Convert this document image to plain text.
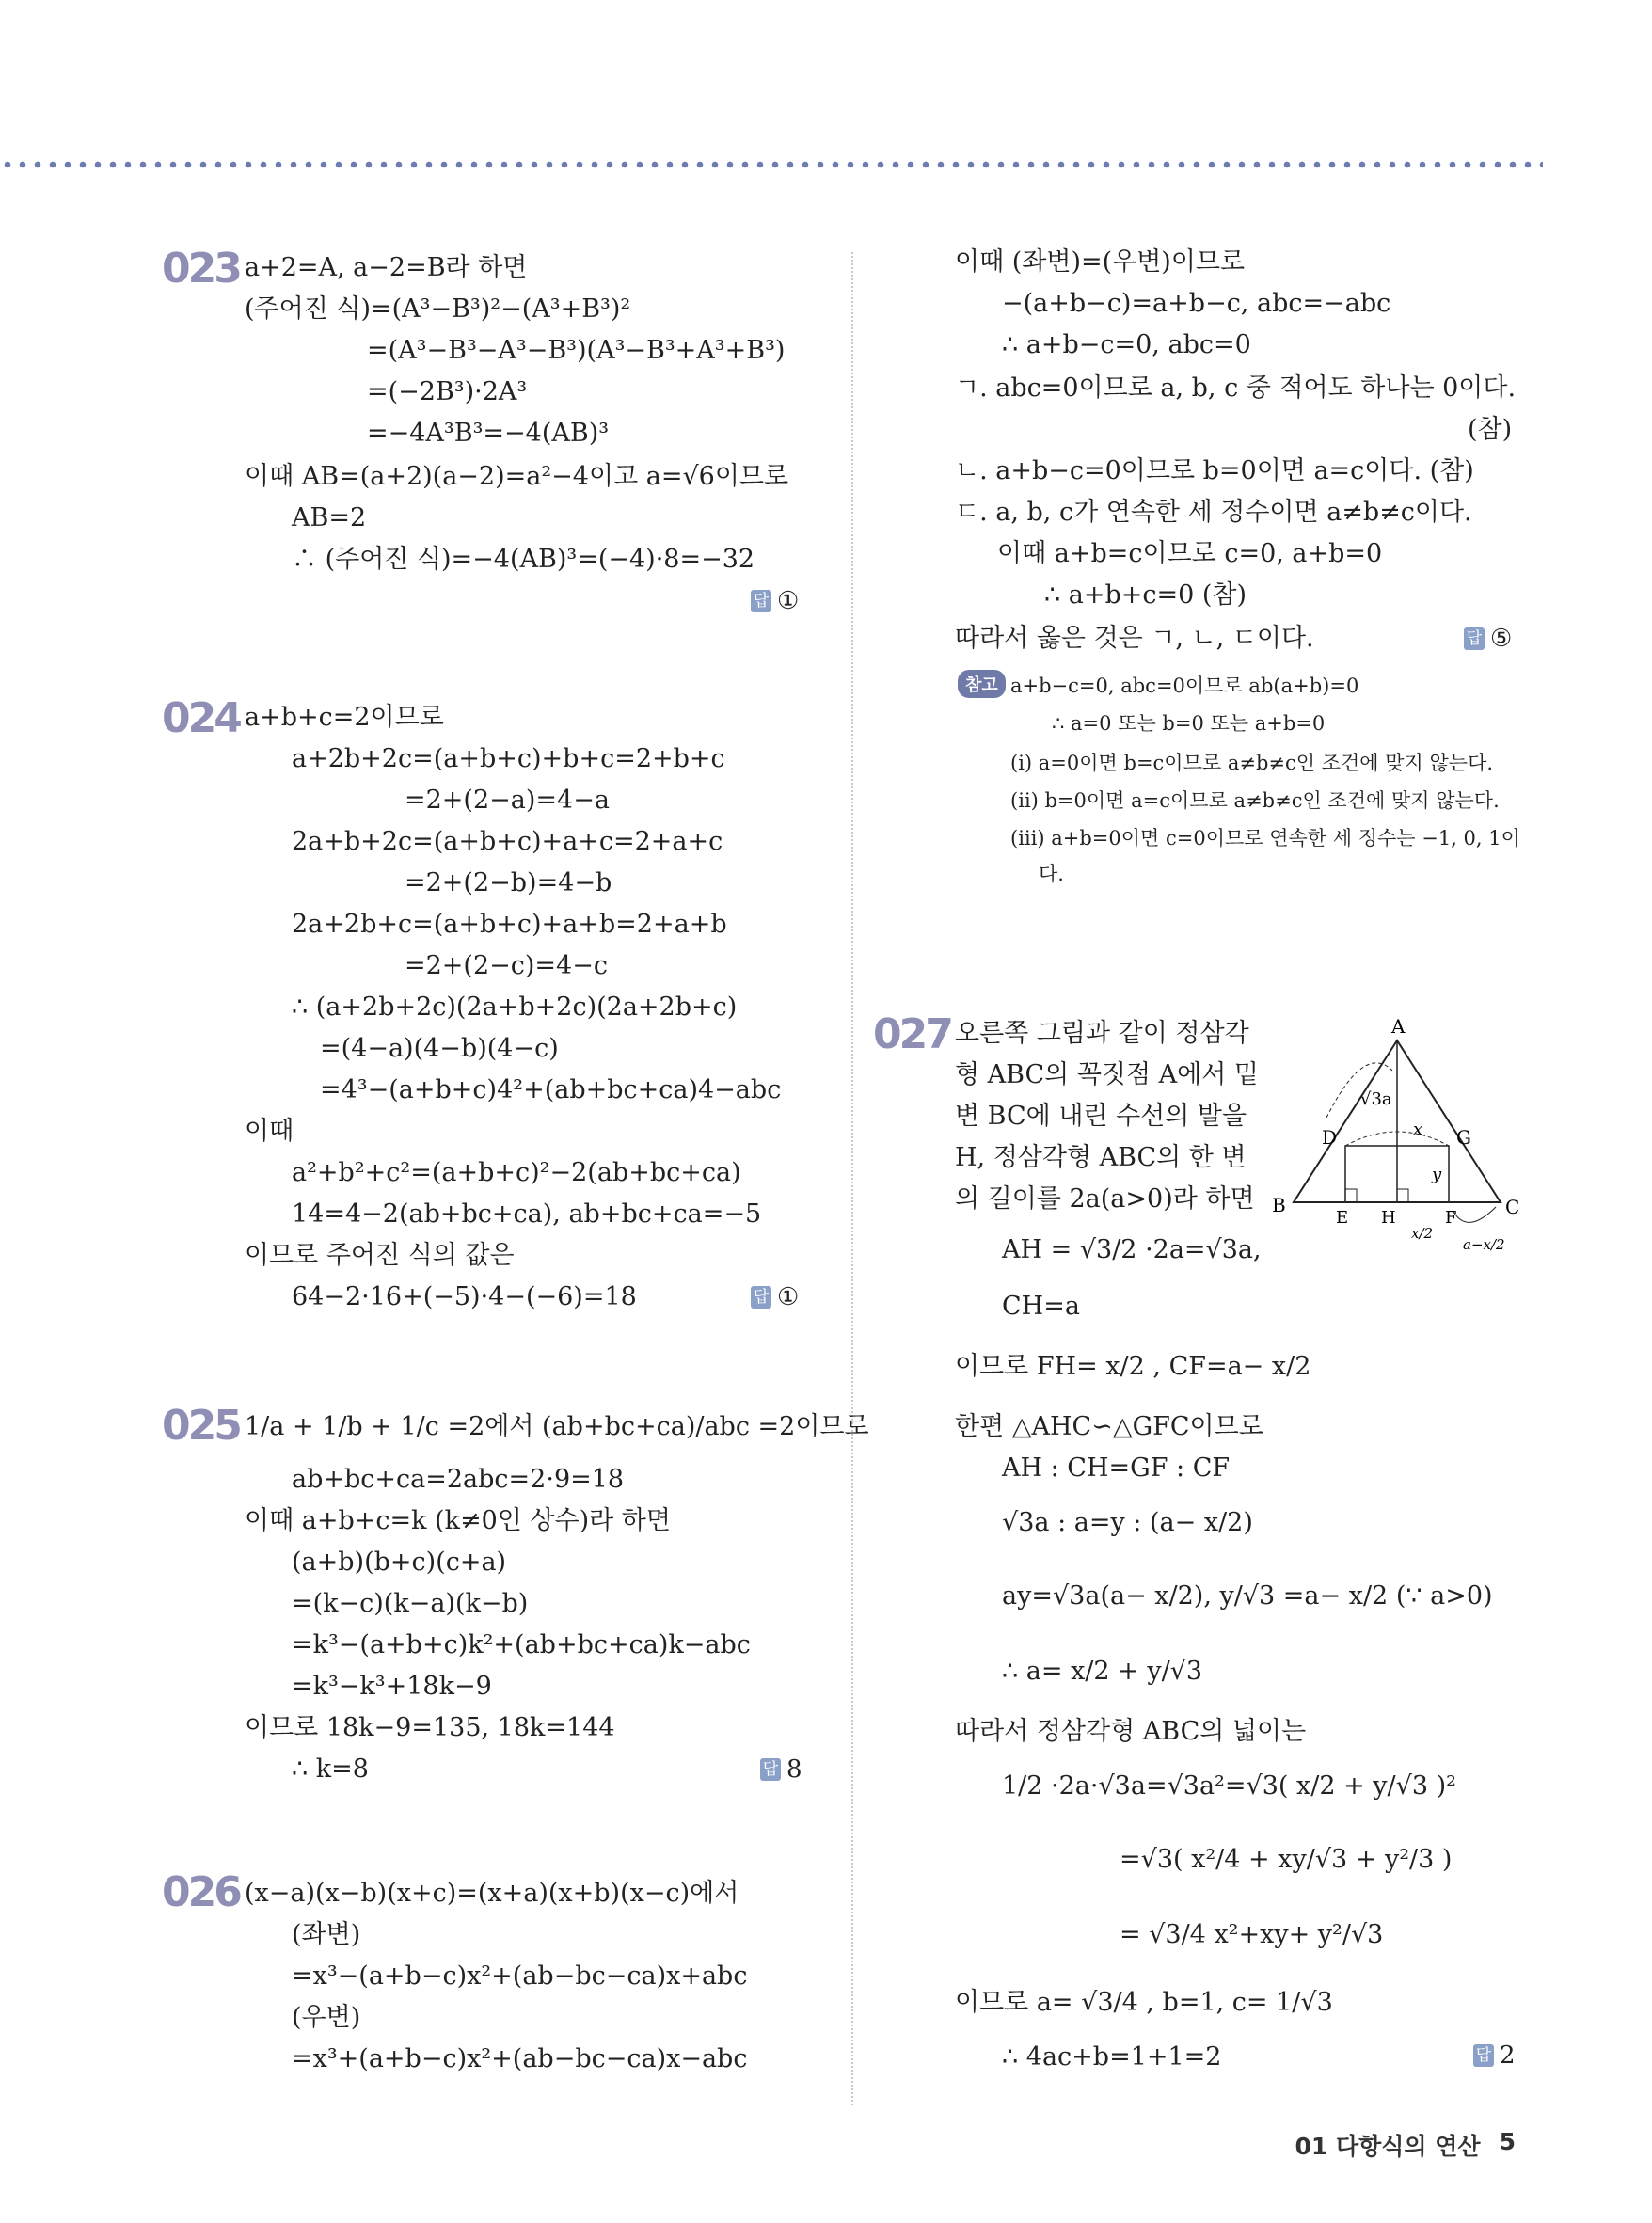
023 a+2=A, a−2=B라 하면
(주어진 식)=(A³−B³)²−(A³+B³)²
=(A³−B³−A³−B³)(A³−B³+A³+B³)
=(−2B³)·2A³
=−4A³B³=−4(AB)³
이때 AB=(a+2)(a−2)=a²−4이고 a=√6이므로
AB=2
∴ (주어진 식)=−4(AB)³=(−4)·8=−32
답 ①
024 a+b+c=2이므로
a+2b+2c=(a+b+c)+b+c=2+b+c
=2+(2−a)=4−a
2a+b+2c=(a+b+c)+a+c=2+a+c
=2+(2−b)=4−b
2a+2b+c=(a+b+c)+a+b=2+a+b
=2+(2−c)=4−c
∴ (a+2b+2c)(2a+b+2c)(2a+2b+c)
=(4−a)(4−b)(4−c)
=4³−(a+b+c)4²+(ab+bc+ca)4−abc
이때
a²+b²+c²=(a+b+c)²−2(ab+bc+ca)
14=4−2(ab+bc+ca), ab+bc+ca=−5
이므로 주어진 식의 값은
64−2·16+(−5)·4−(−6)=18	답 ①
025 1/a + 1/b + 1/c =2에서 (ab+bc+ca)/abc =2이므로
ab+bc+ca=2abc=2·9=18
이때 a+b+c=k (k≠0인 상수)라 하면
(a+b)(b+c)(c+a)
=(k−c)(k−a)(k−b)
=k³−(a+b+c)k²+(ab+bc+ca)k−abc
=k³−k³+18k−9
이므로 18k−9=135, 18k=144
∴ k=8	답 8
026 (x−a)(x−b)(x+c)=(x+a)(x+b)(x−c)에서
(좌변)
=x³−(a+b−c)x²+(ab−bc−ca)x+abc
(우변)
=x³+(a+b−c)x²+(ab−bc−ca)x−abc
이때 (좌변)=(우변)이므로
−(a+b−c)=a+b−c, abc=−abc
∴ a+b−c=0, abc=0
ㄱ. abc=0이므로 a, b, c 중 적어도 하나는 0이다.
(참)
ㄴ. a+b−c=0이므로 b=0이면 a=c이다. (참)
ㄷ. a, b, c가 연속한 세 정수이면 a≠b≠c이다.
이때 a+b=c이므로 c=0, a+b=0
∴ a+b+c=0 (참)
따라서 옳은 것은 ㄱ, ㄴ, ㄷ이다.	답 ⑤
참고 a+b−c=0, abc=0이므로 ab(a+b)=0
∴ a=0 또는 b=0 또는 a+b=0
(ⅰ) a=0이면 b=c이므로 a≠b≠c인 조건에 맞지 않는다.
(ⅱ) b=0이면 a=c이므로 a≠b≠c인 조건에 맞지 않는다.
(ⅲ) a+b=0이면 c=0이므로 연속한 세 정수는 −1, 0, 1이
다.
027 오른쪽 그림과 같이 정삼각
형 ABC의 꼭짓점 A에서 밑
변 BC에 내린 수선의 발을
H, 정삼각형 ABC의 한 변
의 길이를 2a(a>0)라 하면
AH = √3/2 ·2a=√3a,
CH=a
이므로 FH= x/2 , CF=a− x/2
한편 △AHC∽△GFC이므로
AH : CH=GF : CF
√3a : a=y : (a− x/2)
ay=√3a(a− x/2), y/√3 =a− x/2 (∵ a>0)
∴ a= x/2 + y/√3
따라서 정삼각형 ABC의 넓이는
1/2 ·2a·√3a=√3a²=√3( x/2 + y/√3 )²
=√3( x²/4 + xy/√3 + y²/3 )
= √3/4 x²+xy+ y²/√3
이므로 a= √3/4 , b=1, c= 1/√3
∴ 4ac+b=1+1=2	답 2
A
B	C
D
E H	F
G
√3a
x
y
x/2
a−x/2
01 다항식의 연산 5
